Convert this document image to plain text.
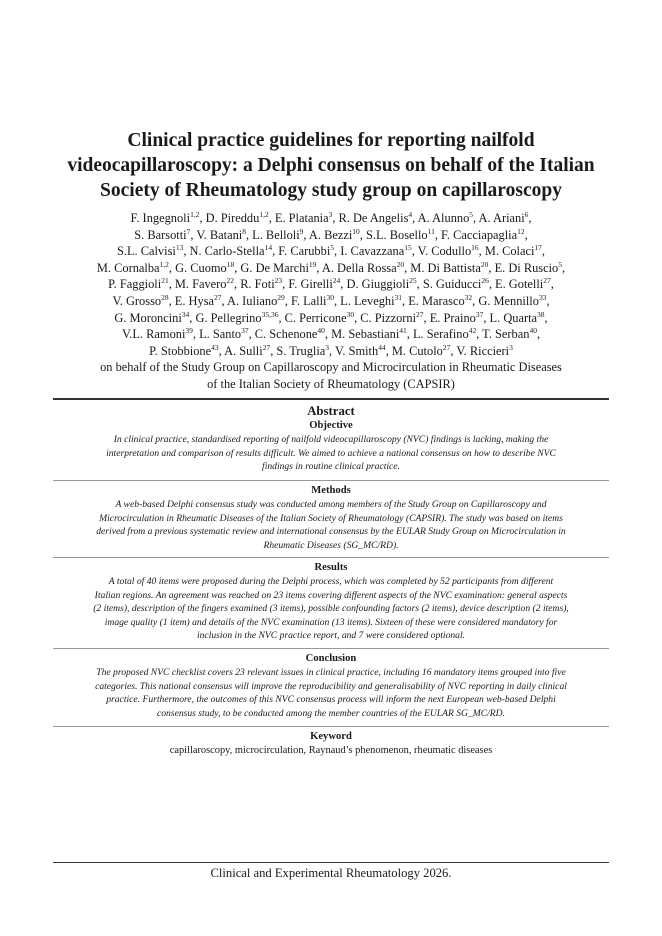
Clinical practice guidelines for reporting nailfold
videocapillaroscopy: a Delphi consensus on behalf of the Italian
Society of Rheumatology study group on capillaroscopy
F. Ingegnoli$^{1,2}$, D. Pireddu$^{1,2}$, E. Platania$^3$, R. De Angelis$^4$, A. Alunno$^5$, A. Ariani$^6$,
S. Barsotti$^7$, V. Batani$^8$, L. Belloli$^9$, A. Bezzi$^{10}$, S.L. Bosello$^{11}$, F. Cacciapaglia$^{12}$,
S.L. Calvisi$^{13}$, N. Carlo-Stella$^{14}$, F. Carubbi$^5$, I. Cavazzana$^{15}$, V. Codullo$^{16}$, M. Colaci$^{17}$,
M. Cornalba$^{1,2}$, G. Cuomo$^{18}$, G. De Marchi$^{19}$, A. Della Rossa$^{20}$, M. Di Battista$^{20}$, E. Di Ruscio$^5$,
P. Faggioli$^{21}$, M. Favero$^{22}$, R. Foti$^{23}$, F. Girelli$^{24}$, D. Giuggioli$^{25}$, S. Guiducci$^{26}$, E. Gotelli$^{27}$,
V. Grosso$^{28}$, E. Hysa$^{27}$, A. Iuliano$^{29}$, F. Lalli$^{30}$, L. Leveghi$^{31}$, E. Marasco$^{32}$, G. Mennillo$^{33}$,
G. Moroncini$^{34}$, G. Pellegrino$^{35,36}$, C. Perricone$^{30}$, C. Pizzorni$^{27}$, E. Praino$^{37}$, L. Quarta$^{38}$,
V.L. Ramoni$^{39}$, L. Santo$^{37}$, C. Schenone$^{40}$, M. Sebastiani$^{41}$, L. Serafino$^{42}$, T. Serban$^{40}$,
P. Stobbione$^{43}$, A. Sulli$^{27}$, S. Truglia$^3$, V. Smith$^{44}$, M. Cutolo$^{27}$, V. Riccieri$^3$
on behalf of the Study Group on Capillaroscopy and Microcirculation in Rheumatic Diseases
of the Italian Society of Rheumatology (CAPSIR)
Abstract
Objective
In clinical practice, standardised reporting of nailfold videocapillaroscopy (NVC) findings is lacking, making the
interpretation and comparison of results difficult. We aimed to achieve a national consensus on how to describe NVC
findings in routine clinical practice.
Methods
A web-based Delphi consensus study was conducted among members of the Study Group on Capillaroscopy and
Microcirculation in Rheumatic Diseases of the Italian Society of Rheumatology (CAPSIR). The study was based on items
derived from a previous systematic review and international consensus by the EULAR Study Group on Microcirculation in
Rheumatic Diseases (SG_MC/RD).
Results
A total of 40 items were proposed during the Delphi process, which was completed by 52 participants from different
Italian regions. An agreement was reached on 23 items covering different aspects of the NVC examination: general aspects
(2 items), description of the fingers examined (3 items), possible confounding factors (2 items), device description (2 items),
image quality (1 item) and details of the NVC examination (13 items). Sixteen of these were considered mandatory for
inclusion in the NVC practice report, and 7 were considered optional.
Conclusion
The proposed NVC checklist covers 23 relevant issues in clinical practice, including 16 mandatory items grouped into five
categories. This national consensus will improve the reproducibility and generalisability of NVC reporting in daily clinical
practice. Furthermore, the outcomes of this NVC consensus process will inform the next European web-based Delphi
consensus study, to be conducted among the member countries of the EULAR SG_MC/RD.
Keyword
capillaroscopy, microcirculation, Raynaud’s phenomenon, rheumatic diseases
Clinical and Experimental Rheumatology 2026.
